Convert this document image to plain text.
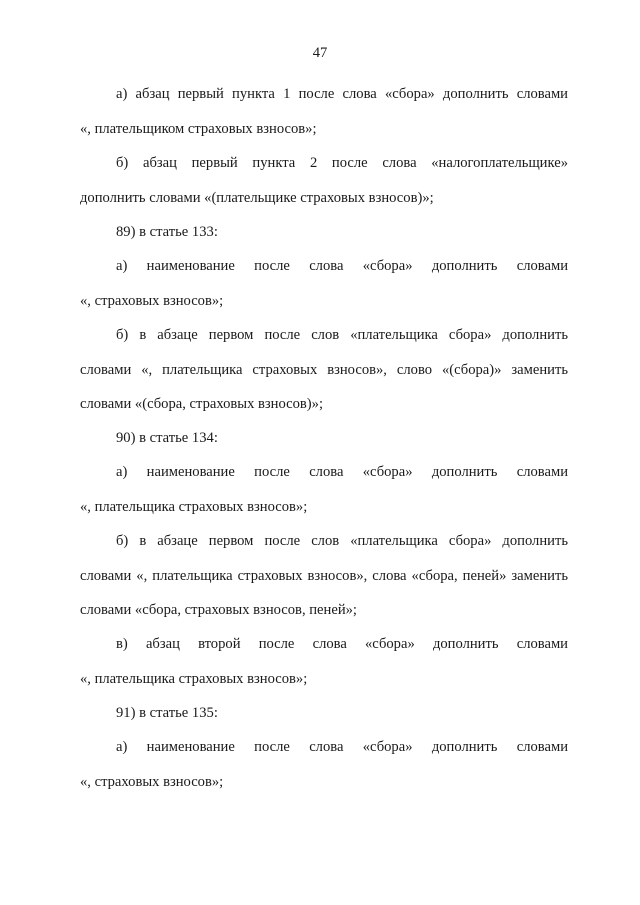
47
а) абзац первый пункта 1 после слова «сбора» дополнить словами
«, плательщиком страховых взносов»;
б) абзац первый пункта 2 после слова «налогоплательщике»
дополнить словами «(плательщике страховых взносов)»;
89) в статье 133:
а) наименование после слова «сбора» дополнить словами
«, страховых взносов»;
б) в абзаце первом после слов «плательщика сбора» дополнить
словами «, плательщика страховых взносов», слово «(сбора)» заменить словами «(сбора, страховых взносов)»;
90) в статье 134:
а) наименование после слова «сбора» дополнить словами
«, плательщика страховых взносов»;
б) в абзаце первом после слов «плательщика сбора» дополнить
словами «, плательщика страховых взносов», слова «сбора, пеней» заменить словами «сбора, страховых взносов, пеней»;
в) абзац второй после слова «сбора» дополнить словами
«, плательщика страховых взносов»;
91) в статье 135:
а) наименование после слова «сбора» дополнить словами
«, страховых взносов»;
